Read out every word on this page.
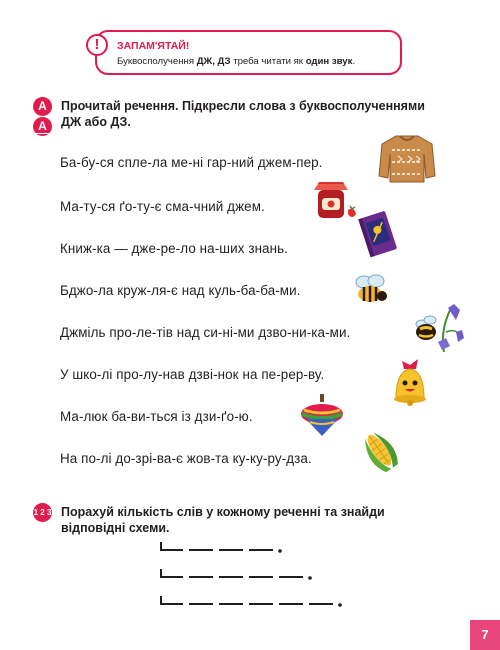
!	ЗАПАМ'ЯТАЙ!
Буквосполучення ДЖ, ДЗ треба читати як один звук.
А
А
Прочитай речення. Підкресли слова з буквосполученнями
ДЖ або ДЗ.
Ба-бу-ся спле-ла ме-ні гар-ний джем-пер.
Ма-ту-ся ґо-ту-є сма-чний джем.
Книж-ка — дже-ре-ло на-ших знань.
Бджо-ла круж-ля-є над куль-ба-ба-ми.
Джміль про-ле-тів над си-ні-ми дзво-ни-ка-ми.
У шко-лі про-лу-нав дзві-нок на пе-рер-ву.
Ма-люк ба-ви-ться із дзи-ґо-ю.
На по-лі до-зрі-ва-є жов-та ку-ку-ру-дза.
1 2 3 Порахуй кількість слів у кожному реченні та знайди
відповідні схеми.
7
